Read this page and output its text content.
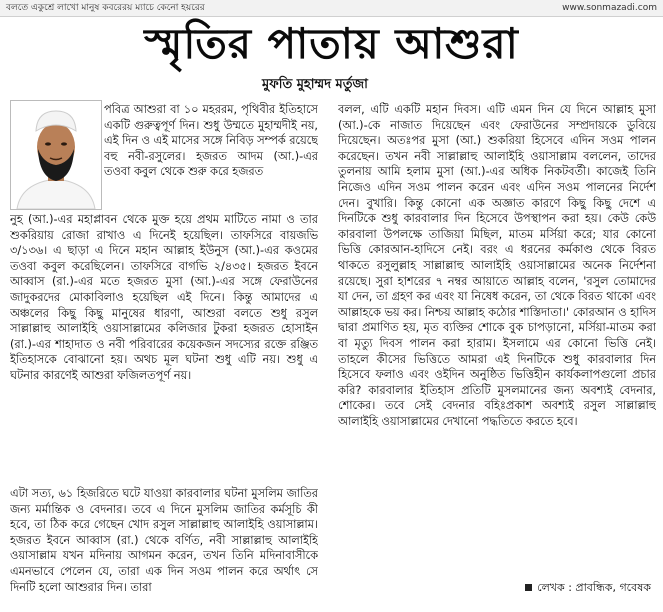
বলতে একুশ্রে লাখো মানুষ কবরেরয় ম্যাচে কেনো হয়রের	www.sonmazadi.com
স্মৃতির পাতায় আশুরা
মুফতি মুহাম্মদ মর্তুজা

পবিত্র আশুরা বা ১০ মহররম, পৃথিবীর ইতিহাসে একটি গুরুত্বপূর্ণ দিন। শুধু উম্মতে মুহাম্মদীই নয়, এই দিন ও এই মাসের সঙ্গে নিবিড় সম্পর্ক রয়েছে বহু নবী-রসুলের। হজরত আদম (আ.)-এর তওবা কবুল থেকে শুরু করে হজরত

নুহ (আ.)-এর মহাপ্লাবন থেকে মুক্ত হয়ে প্রথম মাটিতে নামা ও তার শুকরিয়ায় রোজা রাখাও এ দিনেই হয়েছিল। তাফসিরে বায়জভি ৩/১৩৬। এ ছাড়া এ দিনে মহান আল্লাহ ইউনুস (আ.)-এর কওমের তওবা কবুল করেছিলেন। তাফসিরে বাগভি ২/৪৩৫। হজরত ইবনে আব্বাস (রা.)-এর মতে হজরত মুসা (আ.)-এর সঙ্গে ফেরাউনের জাদুকরদের মোকাবিলাও হয়েছিল এই দিনে। কিন্তু আমাদের এ অঞ্চলের কিছু কিছু মানুষের ধারণা, আশুরা বলতে শুধু রসুল সাল্লাল্লাহু আলাইহি ওয়াসাল্লামের কলিজার টুকরা হজরত হোসাইন (রা.)-এর শাহাদাত ও নবী পরিবারের কয়েকজন সদস্যের রক্তে রঞ্জিত ইতিহাসকে বোঝানো হয়। অথচ মূল ঘটনা শুধু এটি নয়। শুধু এ ঘটনার কারণেই আশুরা ফজিলতপূর্ণ নয়।

এটা সত্য, ৬১ হিজরিতে ঘটে যাওয়া কারবালার ঘটনা মুসলিম জাতির জন্য মর্মান্তিক ও বেদনার। তবে এ দিনে মুসলিম জাতির কর্মসূচি কী হবে, তা ঠিক করে গেছেন খোদ রসুল সাল্লাল্লাহু আলাইহি ওয়াসাল্লাম। হজরত ইবনে আব্বাস (রা.) থেকে বর্ণিত, নবী সাল্লাল্লাহু আলাইহি ওয়াসাল্লাম যখন মদিনায় আগমন করেন, তখন তিনি মদিনাবাসীকে এমনভাবে পেলেন যে, তারা এক দিন সওম পালন করে অর্থাৎ সে দিনটি হলো আশুরার দিন। তারা

বলল, এটি একটি মহান দিবস। এটি এমন দিন যে দিনে আল্লাহ মুসা (আ.)-কে নাজাত দিয়েছেন এবং ফেরাউনের সম্প্রদায়কে ডুবিয়ে দিয়েছেন। অতঃপর মুসা (আ.) শুকরিয়া হিসেবে এদিন সওম পালন করেছেন। তখন নবী সাল্লাল্লাহু আলাইহি ওয়াসাল্লাম বললেন, তাদের তুলনায় আমি হলাম মুসা (আ.)-এর অধিক নিকটবর্তী। কাজেই তিনি নিজেও এদিন সওম পালন করেন এবং এদিন সওম পালনের নির্দেশ দেন। বুখারি। কিন্তু কোনো এক অজ্ঞাত কারণে কিছু কিছু দেশে এ দিনটিকে শুধু কারবালার দিন হিসেবে উপস্থাপন করা হয়। কেউ কেউ কারবালা উপলক্ষে তাজিয়া মিছিল, মাতম মর্সিয়া করে; যার কোনো ভিত্তি কোরআন-হাদিসে নেই। বরং এ ধরনের কর্মকাণ্ড থেকে বিরত থাকতে রসুলুল্লাহ সাল্লাল্লাহু আলাইহি ওয়াসাল্লামের অনেক নির্দেশনা রয়েছে। সুরা হাশরের ৭ নম্বর আয়াতে আল্লাহ বলেন, 'রসুল তোমাদের যা দেন, তা গ্রহণ কর এবং যা নিষেধ করেন, তা থেকে বিরত থাকো এবং আল্লাহকে ভয় কর। নিশ্চয় আল্লাহ কঠোর শাস্তিদাতা।' কোরআন ও হাদিস দ্বারা প্রমাণিত হয়, মৃত ব্যক্তির শোকে বুক চাপড়ানো, মর্সিয়া-মাতম করা বা মৃত্যু দিবস পালন করা হারাম। ইসলামে এর কোনো ভিত্তি নেই। তাহলে কীসের ভিত্তিতে আমরা এই দিনটিকে শুধু কারবালার দিন হিসেবে ফলাও এবং ওইদিন অনুষ্ঠিত ভিত্তিহীন কার্যকলাপগুলো প্রচার করি? কারবালার ইতিহাস প্রতিটি মুসলমানের জন্য অবশ্যই বেদনার, শোকের। তবে সেই বেদনার বহিঃপ্রকাশ অবশ্যই রসুল সাল্লাল্লাহু আলাইহি ওয়াসাল্লামের দেখানো পদ্ধতিতে করতে হবে।

লেখক : প্রাবন্ধিক, গবেষক
